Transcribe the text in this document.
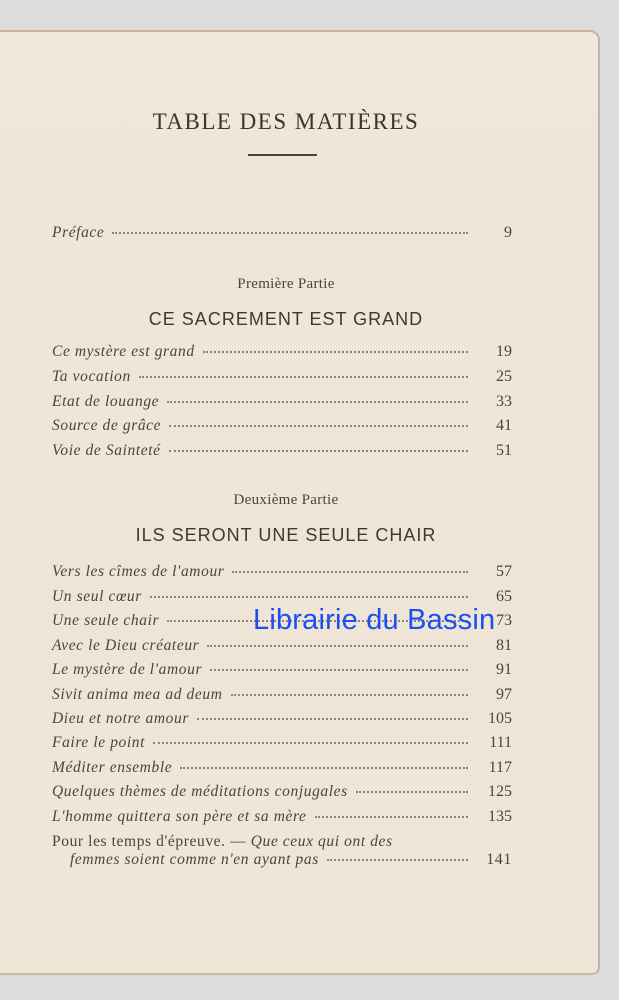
TABLE DES MATIÈRES
Préface	9
Première Partie
CE SACREMENT EST GRAND
Ce mystère est grand	19
Ta vocation	25
Etat de louange	33
Source de grâce	41
Voie de Sainteté	51
Deuxième Partie
ILS SERONT UNE SEULE CHAIR
Vers les cîmes de l'amour	57
Un seul cœur	65
Une seule chair	73
Avec le Dieu créateur	81
Le mystère de l'amour	91
Sivit anima mea ad deum	97
Dieu et notre amour	105
Faire le point	111
Méditer ensemble	117
Quelques thèmes de méditations conjugales	125
L'homme quittera son père et sa mère	135
Pour les temps d'épreuve. — Que ceux qui ont des
femmes soient comme n'en ayant pas	141
Librairie du Bassin
